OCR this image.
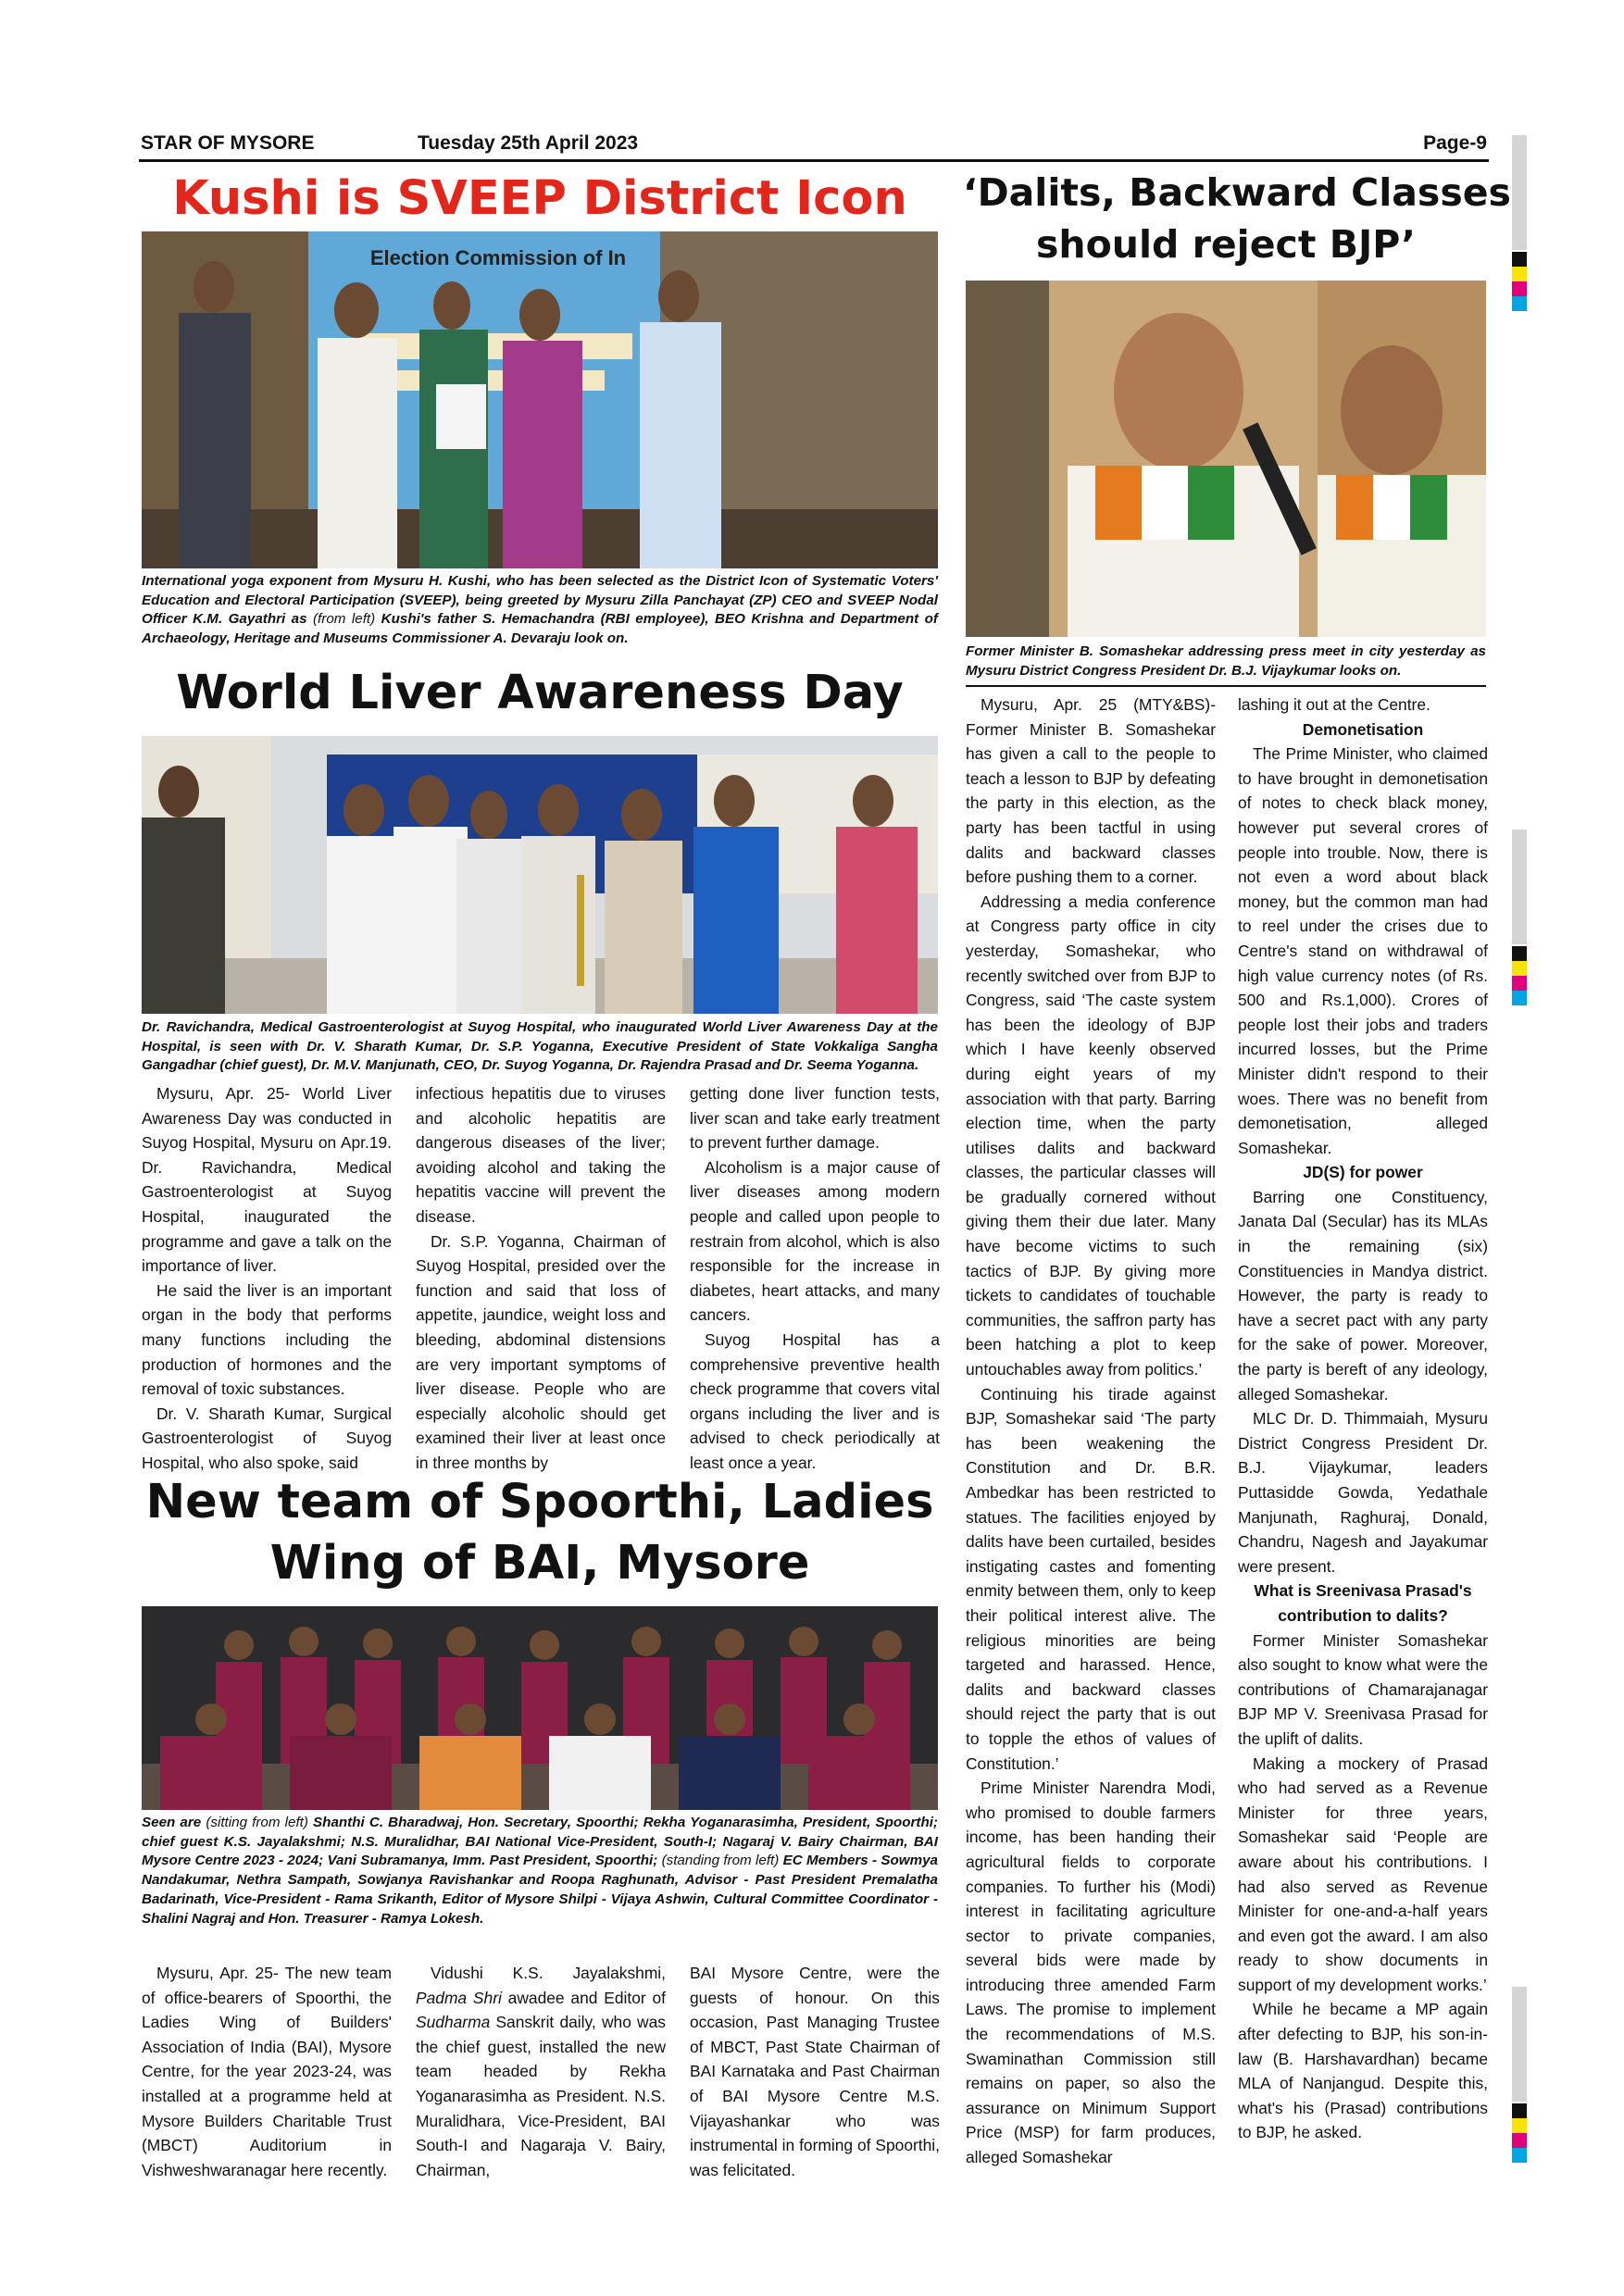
STAR OF MYSORE	Tuesday 25th April 2023	Page-9
Kushi is SVEEP District Icon
Election Commission of In
International yoga exponent from Mysuru H. Kushi, who has been selected as the District Icon of Systematic Voters' Education and Electoral Participation (SVEEP), being greeted by Mysuru Zilla Panchayat (ZP) CEO and SVEEP Nodal Officer K.M. Gayathri as (from left) Kushi's father S. Hemachandra (RBI employee), BEO Krishna and Department of Archaeology, Heritage and Museums Commissioner A. Devaraju look on.
World Liver Awareness Day
Dr. Ravichandra, Medical Gastroenterologist at Suyog Hospital, who inaugurated World Liver Awareness Day at the Hospital, is seen with Dr. V. Sharath Kumar, Dr. S.P. Yoganna, Executive President of State Vokkaliga Sangha Gangadhar (chief guest), Dr. M.V. Manjunath, CEO, Dr. Suyog Yoganna, Dr. Rajendra Prasad and Dr. Seema Yoganna.

Mysuru, Apr. 25- World Liver Awareness Day was conducted in Suyog Hospital, Mysuru on Apr.19. Dr. Ravichandra, Medical Gastroenterologist at Suyog Hospital, inaugurated the programme and gave a talk on the importance of liver.

He said the liver is an important organ in the body that performs many functions including the production of hormones and the removal of toxic substances.

Dr. V. Sharath Kumar, Surgical Gastroenterologist of Suyog Hospital, who also spoke, said

infectious hepatitis due to viruses and alcoholic hepatitis are dangerous diseases of the liver; avoiding alcohol and taking the hepatitis vaccine will prevent the disease.

Dr. S.P. Yoganna, Chairman of Suyog Hospital, presided over the function and said that loss of appetite, jaundice, weight loss and bleeding, abdominal distensions are very important symptoms of liver disease. People who are especially alcoholic should get examined their liver at least once in three months by

getting done liver function tests, liver scan and take early treatment to prevent further damage.

Alcoholism is a major cause of liver diseases among modern people and called upon people to restrain from alcohol, which is also responsible for the increase in diabetes, heart attacks, and many cancers.

Suyog Hospital has a comprehensive preventive health check programme that covers vital organs including the liver and is advised to check periodically at least once a year.

New team of Spoorthi, Ladies
Wing of BAI, Mysore
Seen are (sitting from left) Shanthi C. Bharadwaj, Hon. Secretary, Spoorthi; Rekha Yoganarasimha, President, Spoorthi; chief guest K.S. Jayalakshmi; N.S. Muralidhar, BAI National Vice-President, South-I; Nagaraj V. Bairy Chairman, BAI Mysore Centre 2023 - 2024; Vani Subramanya, Imm. Past President, Spoorthi; (standing from left) EC Members - Sowmya Nandakumar, Nethra Sampath, Sowjanya Ravishankar and Roopa Raghunath, Advisor - Past President Premalatha Badarinath, Vice-President - Rama Srikanth, Editor of Mysore Shilpi - Vijaya Ashwin, Cultural Committee Coordinator - Shalini Nagraj and Hon. Treasurer - Ramya Lokesh.

Mysuru, Apr. 25- The new team of office-bearers of Spoorthi, the Ladies Wing of Builders' Association of India (BAI), Mysore Centre, for the year 2023-24, was installed at a programme held at Mysore Builders Charitable Trust (MBCT) Auditorium in Vishweshwaranagar here recently.

Vidushi K.S. Jayalakshmi, Padma Shri awadee and Editor of Sudharma Sanskrit daily, who was the chief guest, installed the new team headed by Rekha Yoganarasimha as President. N.S. Muralidhara, Vice-President, BAI South-I and Nagaraja V. Bairy, Chairman,

BAI Mysore Centre, were the guests of honour. On this occasion, Past Managing Trustee of MBCT, Past State Chairman of BAI Karnataka and Past Chairman of BAI Mysore Centre M.S. Vijayashankar who was instrumental in forming of Spoorthi, was felicitated.

‘Dalits, Backward Classes
should reject BJP’
Former Minister B. Somashekar addressing press meet in city yesterday as Mysuru District Congress President Dr. B.J. Vijaykumar looks on.

Mysuru, Apr. 25 (MTY&BS)- Former Minister B. Somashekar has given a call to the people to teach a lesson to BJP by defeating the party in this election, as the party has been tactful in using dalits and backward classes before pushing them to a corner.

Addressing a media conference at Congress party office in city yesterday, Somashekar, who recently switched over from BJP to Congress, said ‘The caste system has been the ideology of BJP which I have keenly observed during eight years of my association with that party. Barring election time, when the party utilises dalits and backward classes, the particular classes will be gradually cornered without giving them their due later. Many have become victims to such tactics of BJP. By giving more tickets to candidates of touchable communities, the saffron party has been hatching a plot to keep untouchables away from politics.’

Continuing his tirade against BJP, Somashekar said ‘The party has been weakening the Constitution and Dr. B.R. Ambedkar has been restricted to statues. The facilities enjoyed by dalits have been curtailed, besides instigating castes and fomenting enmity between them, only to keep their political interest alive. The religious minorities are being targeted and harassed. Hence, dalits and backward classes should reject the party that is out to topple the ethos of values of Constitution.’

Prime Minister Narendra Modi, who promised to double farmers income, has been handing their agricultural fields to corporate companies. To further his (Modi) interest in facilitating agriculture sector to private companies, several bids were made by introducing three amended Farm Laws. The promise to implement the recommendations of M.S. Swaminathan Commission still remains on paper, so also the assurance on Minimum Support Price (MSP) for farm produces, alleged Somashekar

lashing it out at the Centre.

Demonetisation

The Prime Minister, who claimed to have brought in demonetisation of notes to check black money, however put several crores of people into trouble. Now, there is not even a word about black money, but the common man had to reel under the crises due to Centre's stand on withdrawal of high value currency notes (of Rs. 500 and Rs.1,000). Crores of people lost their jobs and traders incurred losses, but the Prime Minister didn't respond to their woes. There was no benefit from demonetisation, alleged Somashekar.

JD(S) for power

Barring one Constituency, Janata Dal (Secular) has its MLAs in the remaining (six) Constituencies in Mandya district. However, the party is ready to have a secret pact with any party for the sake of power. Moreover, the party is bereft of any ideology, alleged Somashekar.

MLC Dr. D. Thimmaiah, Mysuru District Congress President Dr. B.J. Vijaykumar, leaders Puttasidde Gowda, Yedathale Manjunath, Raghuraj, Donald, Chandru, Nagesh and Jayakumar were present.

What is Sreenivasa Prasad's contribution to dalits?

Former Minister Somashekar also sought to know what were the contributions of Chamarajanagar BJP MP V. Sreenivasa Prasad for the uplift of dalits.

Making a mockery of Prasad who had served as a Revenue Minister for three years, Somashekar said ‘People are aware about his contributions. I had also served as Revenue Minister for one-and-a-half years and even got the award. I am also ready to show documents in support of my development works.’

While he became a MP again after defecting to BJP, his son-in-law (B. Harshavardhan) became MLA of Nanjangud. Despite this, what's his (Prasad) contributions to BJP, he asked.
